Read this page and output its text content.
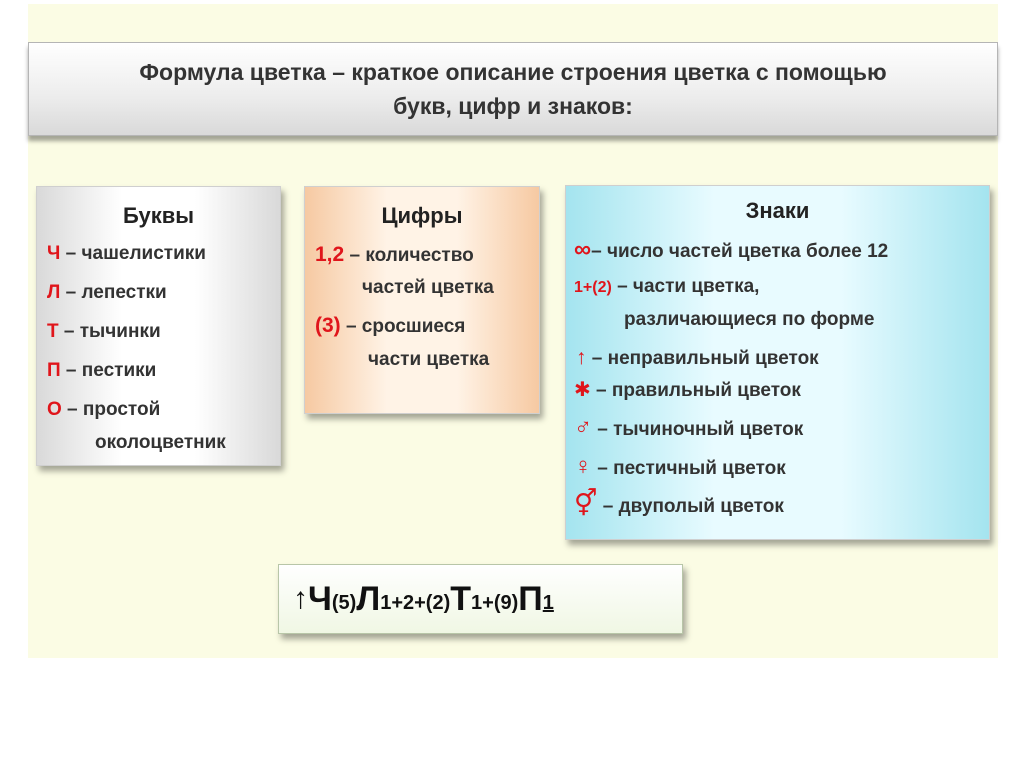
Формула цветка – краткое описание строения цветка с помощью
букв, цифр и знаков:
Буквы
Ч – чашелистики
Л – лепестки
Т – тычинки
П – пестики
О – простой
околоцветник
Цифры
1,2 – количество
частей цветка
(3) – сросшиеся
части цветка
Знаки
∞– число частей цветка более 12
1+(2) – части цветка,
различающиеся по форме
↑ – неправильный цветок
✱ – правильный цветок
♂ – тычиночный цветок
♀ – пестичный цветок
⚥ – двуполый цветок
↑ $Ч_{(5)}$ $Л_{1+2+(2)}$ $Т_{1+(9)}$ $П_1$
